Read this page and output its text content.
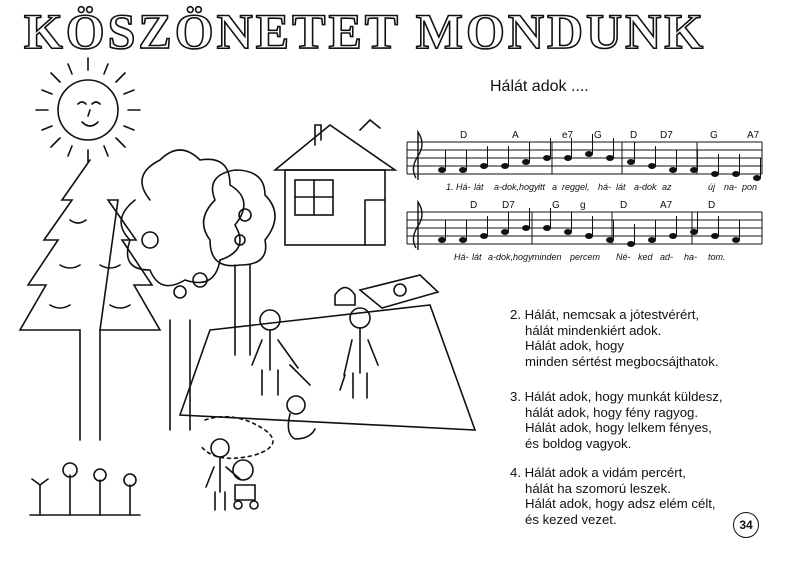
KÖSZÖNETET MONDUNK
Hálát adok ....
D	A	e7 G	D D7	G	A7
D D7	G g	D	A7	D
1. Há- lát a-dok,hogy itt a reggel, há- lát a-dok az	új na- pon
Há- lát a-dok,hogy minden percem Né- ked ad- ha- tom.
2. Hálát, nemcsak a jótestvérért,
hálát mindenkiért adok.
Hálát adok, hogy
minden sértést megbocsájthatok.
3. Hálát adok, hogy munkát küldesz,
hálát adok, hogy fény ragyog.
Hálát adok, hogy lelkem fényes,
és boldog vagyok.
4. Hálát adok a vidám percért,
hálát ha szomorú leszek.
Hálát adok, hogy adsz elém célt,
és kezed vezet.	34
